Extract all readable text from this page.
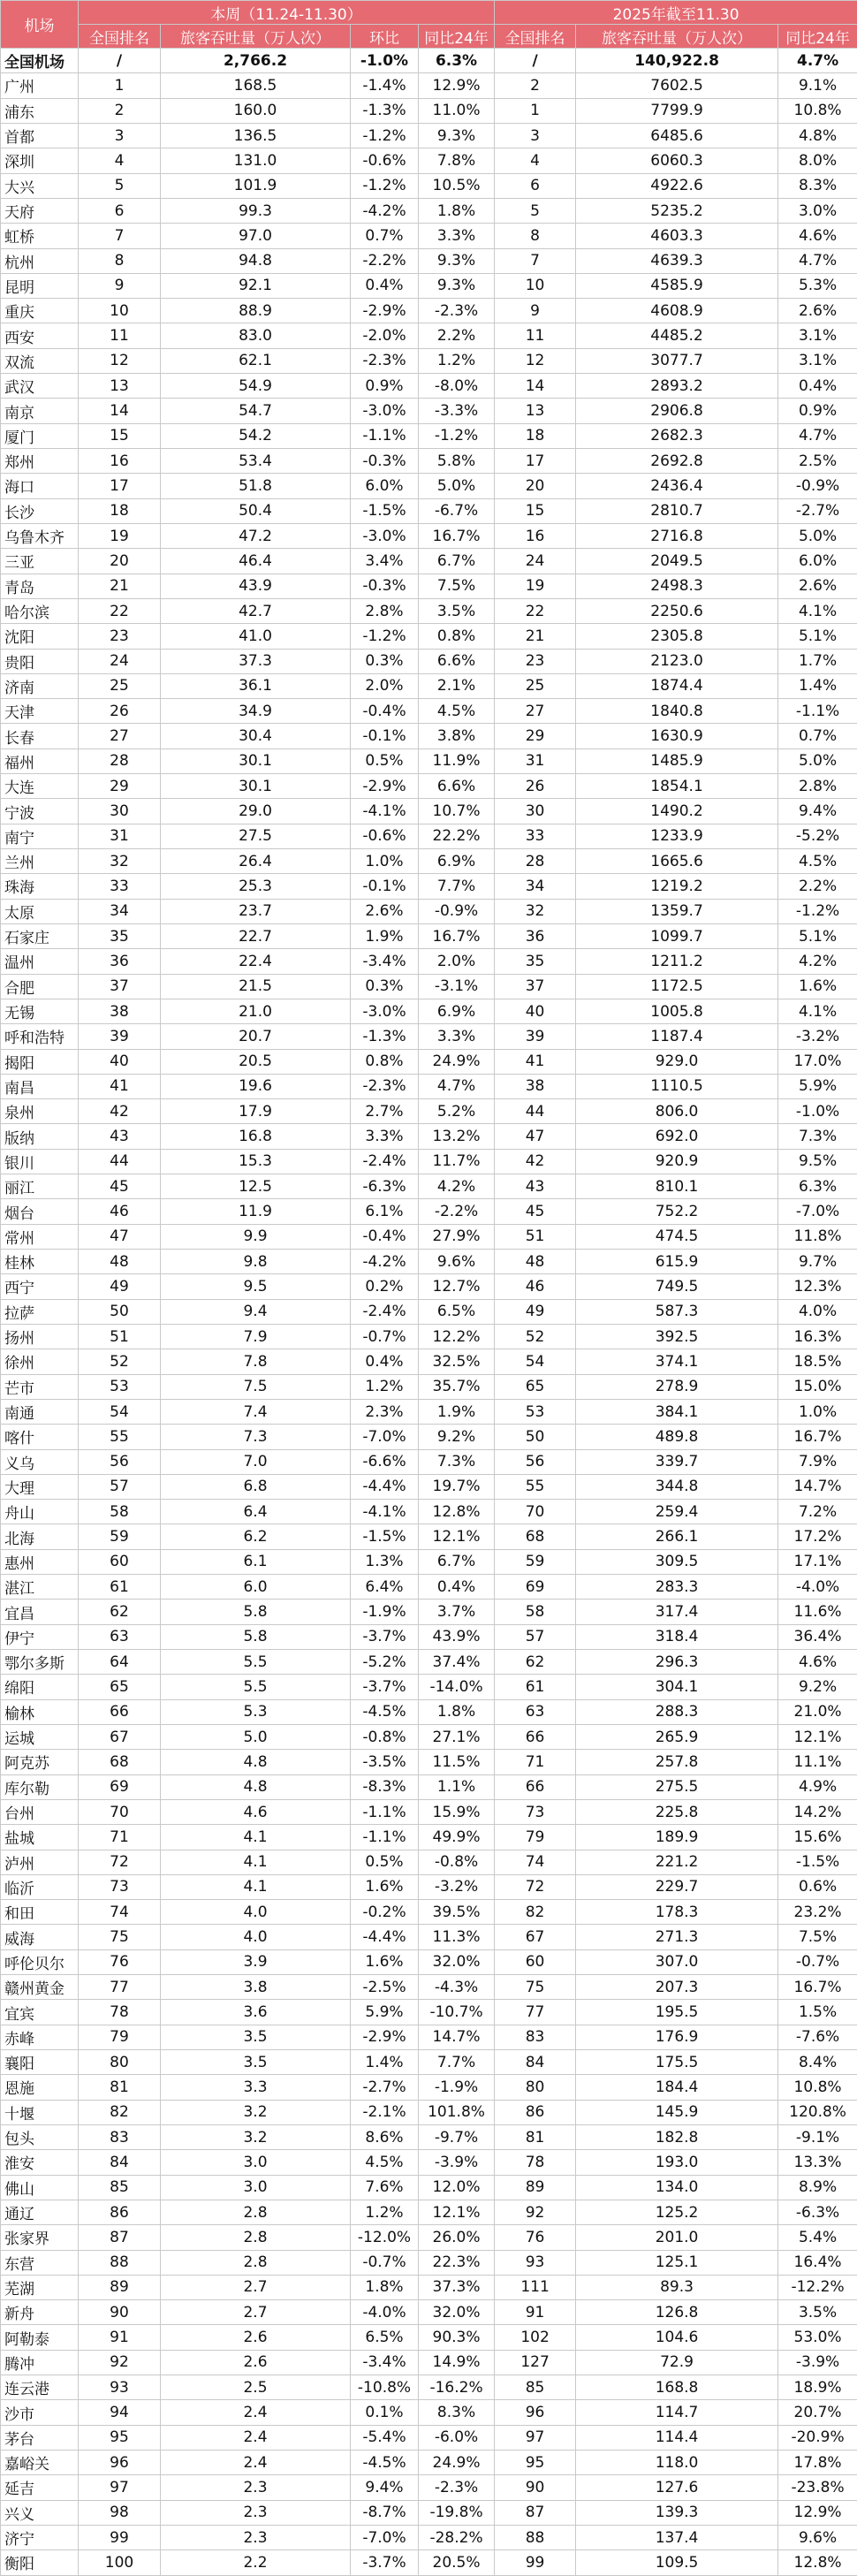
机场	本周（11.24-11.30）				2025年截至11.30		
	全国排名	旅客吞吐量（万人次）	环比	同比24年	全国排名	旅客吞吐量（万人次）	同比24年
全国机场	/	2,766.2	-1.0%	6.3%	/	140,922.8	4.7%
广州	1	168.5	-1.4%	12.9%	2	7602.5	9.1%
浦东	2	160.0	-1.3%	11.0%	1	7799.9	10.8%
首都	3	136.5	-1.2%	9.3%	3	6485.6	4.8%
深圳	4	131.0	-0.6%	7.8%	4	6060.3	8.0%
大兴	5	101.9	-1.2%	10.5%	6	4922.6	8.3%
天府	6	99.3	-4.2%	1.8%	5	5235.2	3.0%
虹桥	7	97.0	0.7%	3.3%	8	4603.3	4.6%
杭州	8	94.8	-2.2%	9.3%	7	4639.3	4.7%
昆明	9	92.1	0.4%	9.3%	10	4585.9	5.3%
重庆	10	88.9	-2.9%	-2.3%	9	4608.9	2.6%
西安	11	83.0	-2.0%	2.2%	11	4485.2	3.1%
双流	12	62.1	-2.3%	1.2%	12	3077.7	3.1%
武汉	13	54.9	0.9%	-8.0%	14	2893.2	0.4%
南京	14	54.7	-3.0%	-3.3%	13	2906.8	0.9%
厦门	15	54.2	-1.1%	-1.2%	18	2682.3	4.7%
郑州	16	53.4	-0.3%	5.8%	17	2692.8	2.5%
海口	17	51.8	6.0%	5.0%	20	2436.4	-0.9%
长沙	18	50.4	-1.5%	-6.7%	15	2810.7	-2.7%
乌鲁木齐	19	47.2	-3.0%	16.7%	16	2716.8	5.0%
三亚	20	46.4	3.4%	6.7%	24	2049.5	6.0%
青岛	21	43.9	-0.3%	7.5%	19	2498.3	2.6%
哈尔滨	22	42.7	2.8%	3.5%	22	2250.6	4.1%
沈阳	23	41.0	-1.2%	0.8%	21	2305.8	5.1%
贵阳	24	37.3	0.3%	6.6%	23	2123.0	1.7%
济南	25	36.1	2.0%	2.1%	25	1874.4	1.4%
天津	26	34.9	-0.4%	4.5%	27	1840.8	-1.1%
长春	27	30.4	-0.1%	3.8%	29	1630.9	0.7%
福州	28	30.1	0.5%	11.9%	31	1485.9	5.0%
大连	29	30.1	-2.9%	6.6%	26	1854.1	2.8%
宁波	30	29.0	-4.1%	10.7%	30	1490.2	9.4%
南宁	31	27.5	-0.6%	22.2%	33	1233.9	-5.2%
兰州	32	26.4	1.0%	6.9%	28	1665.6	4.5%
珠海	33	25.3	-0.1%	7.7%	34	1219.2	2.2%
太原	34	23.7	2.6%	-0.9%	32	1359.7	-1.2%
石家庄	35	22.7	1.9%	16.7%	36	1099.7	5.1%
温州	36	22.4	-3.4%	2.0%	35	1211.2	4.2%
合肥	37	21.5	0.3%	-3.1%	37	1172.5	1.6%
无锡	38	21.0	-3.0%	6.9%	40	1005.8	4.1%
呼和浩特	39	20.7	-1.3%	3.3%	39	1187.4	-3.2%
揭阳	40	20.5	0.8%	24.9%	41	929.0	17.0%
南昌	41	19.6	-2.3%	4.7%	38	1110.5	5.9%
泉州	42	17.9	2.7%	5.2%	44	806.0	-1.0%
版纳	43	16.8	3.3%	13.2%	47	692.0	7.3%
银川	44	15.3	-2.4%	11.7%	42	920.9	9.5%
丽江	45	12.5	-6.3%	4.2%	43	810.1	6.3%
烟台	46	11.9	6.1%	-2.2%	45	752.2	-7.0%
常州	47	9.9	-0.4%	27.9%	51	474.5	11.8%
桂林	48	9.8	-4.2%	9.6%	48	615.9	9.7%
西宁	49	9.5	0.2%	12.7%	46	749.5	12.3%
拉萨	50	9.4	-2.4%	6.5%	49	587.3	4.0%
扬州	51	7.9	-0.7%	12.2%	52	392.5	16.3%
徐州	52	7.8	0.4%	32.5%	54	374.1	18.5%
芒市	53	7.5	1.2%	35.7%	65	278.9	15.0%
南通	54	7.4	2.3%	1.9%	53	384.1	1.0%
喀什	55	7.3	-7.0%	9.2%	50	489.8	16.7%
义乌	56	7.0	-6.6%	7.3%	56	339.7	7.9%
大理	57	6.8	-4.4%	19.7%	55	344.8	14.7%
舟山	58	6.4	-4.1%	12.8%	70	259.4	7.2%
北海	59	6.2	-1.5%	12.1%	68	266.1	17.2%
惠州	60	6.1	1.3%	6.7%	59	309.5	17.1%
湛江	61	6.0	6.4%	0.4%	69	283.3	-4.0%
宜昌	62	5.8	-1.9%	3.7%	58	317.4	11.6%
伊宁	63	5.8	-3.7%	43.9%	57	318.4	36.4%
鄂尔多斯	64	5.5	-5.2%	37.4%	62	296.3	4.6%
绵阳	65	5.5	-3.7%	-14.0%	61	304.1	9.2%
榆林	66	5.3	-4.5%	1.8%	63	288.3	21.0%
运城	67	5.0	-0.8%	27.1%	66	265.9	12.1%
阿克苏	68	4.8	-3.5%	11.5%	71	257.8	11.1%
库尔勒	69	4.8	-8.3%	1.1%	66	275.5	4.9%
台州	70	4.6	-1.1%	15.9%	73	225.8	14.2%
盐城	71	4.1	-1.1%	49.9%	79	189.9	15.6%
泸州	72	4.1	0.5%	-0.8%	74	221.2	-1.5%
临沂	73	4.1	1.6%	-3.2%	72	229.7	0.6%
和田	74	4.0	-0.2%	39.5%	82	178.3	23.2%
威海	75	4.0	-4.4%	11.3%	67	271.3	7.5%
呼伦贝尔	76	3.9	1.6%	32.0%	60	307.0	-0.7%
赣州黄金	77	3.8	-2.5%	-4.3%	75	207.3	16.7%
宜宾	78	3.6	5.9%	-10.7%	77	195.5	1.5%
赤峰	79	3.5	-2.9%	14.7%	83	176.9	-7.6%
襄阳	80	3.5	1.4%	7.7%	84	175.5	8.4%
恩施	81	3.3	-2.7%	-1.9%	80	184.4	10.8%
十堰	82	3.2	-2.1%	101.8%	86	145.9	120.8%
包头	83	3.2	8.6%	-9.7%	81	182.8	-9.1%
淮安	84	3.0	4.5%	-3.9%	78	193.0	13.3%
佛山	85	3.0	7.6%	12.0%	89	134.0	8.9%
通辽	86	2.8	1.2%	12.1%	92	125.2	-6.3%
张家界	87	2.8	-12.0%	26.0%	76	201.0	5.4%
东营	88	2.8	-0.7%	22.3%	93	125.1	16.4%
芜湖	89	2.7	1.8%	37.3%	111	89.3	-12.2%
新舟	90	2.7	-4.0%	32.0%	91	126.8	3.5%
阿勒泰	91	2.6	6.5%	90.3%	102	104.6	53.0%
腾冲	92	2.6	-3.4%	14.9%	127	72.9	-3.9%
连云港	93	2.5	-10.8%	-16.2%	85	168.8	18.9%
沙市	94	2.4	0.1%	8.3%	96	114.7	20.7%
茅台	95	2.4	-5.4%	-6.0%	97	114.4	-20.9%
嘉峪关	96	2.4	-4.5%	24.9%	95	118.0	17.8%
延吉	97	2.3	9.4%	-2.3%	90	127.6	-23.8%
兴义	98	2.3	-8.7%	-19.8%	87	139.3	12.9%
济宁	99	2.3	-7.0%	-28.2%	88	137.4	9.6%
衡阳	100	2.2	-3.7%	20.5%	99	109.5	12.8%
